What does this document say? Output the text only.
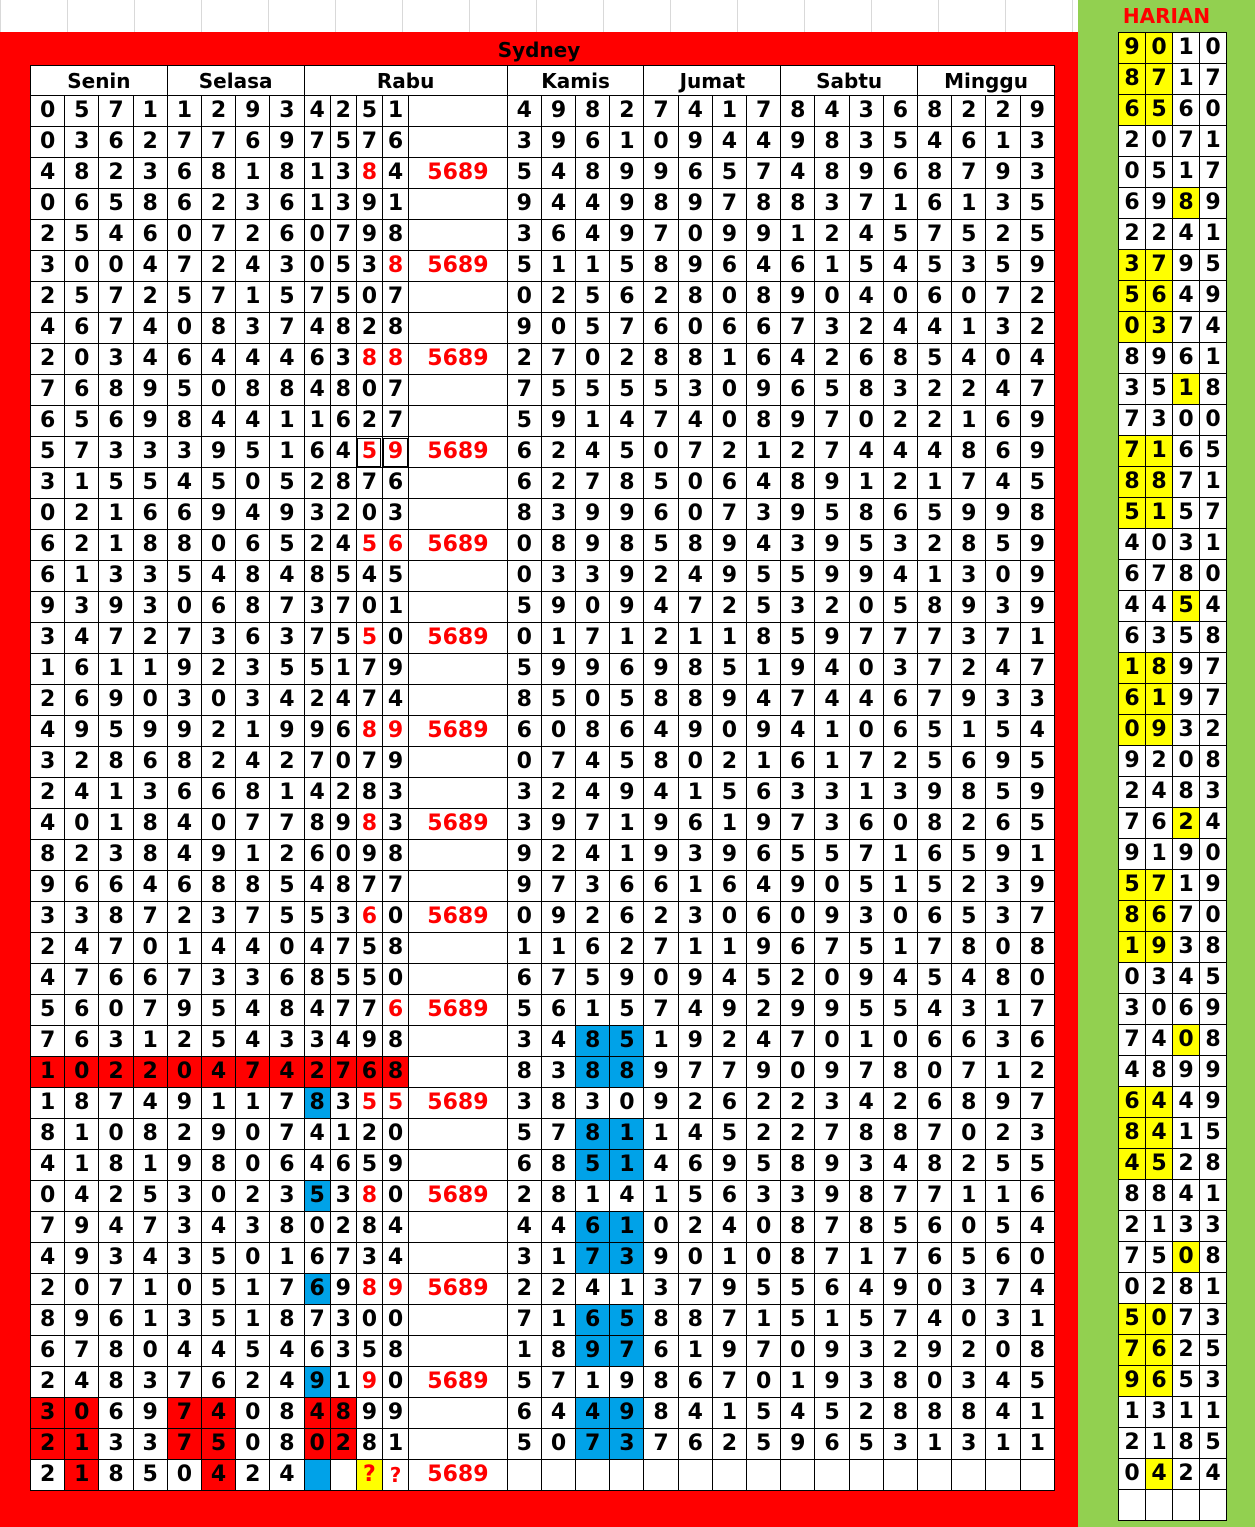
Sydney
Senin				Selasa				Rabu					Kamis				Jumat				Sabtu				Minggu			
0	5	7	1	1	2	9	3	4	2	5	1		4	9	8	2	7	4	1	7	8	4	3	6	8	2	2	9
0	3	6	2	7	7	6	9	7	5	7	6		3	9	6	1	0	9	4	4	9	8	3	5	4	6	1	3
4	8	2	3	6	8	1	8	1	3	8	4	5689	5	4	8	9	9	6	5	7	4	8	9	6	8	7	9	3
0	6	5	8	6	2	3	6	1	3	9	1		9	4	4	9	8	9	7	8	8	3	7	1	6	1	3	5
2	5	4	6	0	7	2	6	0	7	9	8		3	6	4	9	7	0	9	9	1	2	4	5	7	5	2	5
3	0	0	4	7	2	4	3	0	5	3	8	5689	5	1	1	5	8	9	6	4	6	1	5	4	5	3	5	9
2	5	7	2	5	7	1	5	7	5	0	7		0	2	5	6	2	8	0	8	9	0	4	0	6	0	7	2
4	6	7	4	0	8	3	7	4	8	2	8		9	0	5	7	6	0	6	6	7	3	2	4	4	1	3	2
2	0	3	4	6	4	4	4	6	3	8	8	5689	2	7	0	2	8	8	1	6	4	2	6	8	5	4	0	4
7	6	8	9	5	0	8	8	4	8	0	7		7	5	5	5	5	3	0	9	6	5	8	3	2	2	4	7
6	5	6	9	8	4	4	1	1	6	2	7		5	9	1	4	7	4	0	8	9	7	0	2	2	1	6	9
5	7	3	3	3	9	5	1	6	4	5	9	5689	6	2	4	5	0	7	2	1	2	7	4	4	4	8	6	9
3	1	5	5	4	5	0	5	2	8	7	6		6	2	7	8	5	0	6	4	8	9	1	2	1	7	4	5
0	2	1	6	6	9	4	9	3	2	0	3		8	3	9	9	6	0	7	3	9	5	8	6	5	9	9	8
6	2	1	8	8	0	6	5	2	4	5	6	5689	0	8	9	8	5	8	9	4	3	9	5	3	2	8	5	9
6	1	3	3	5	4	8	4	8	5	4	5		0	3	3	9	2	4	9	5	5	9	9	4	1	3	0	9
9	3	9	3	0	6	8	7	3	7	0	1		5	9	0	9	4	7	2	5	3	2	0	5	8	9	3	9
3	4	7	2	7	3	6	3	7	5	5	0	5689	0	1	7	1	2	1	1	8	5	9	7	7	7	3	7	1
1	6	1	1	9	2	3	5	5	1	7	9		5	9	9	6	9	8	5	1	9	4	0	3	7	2	4	7
2	6	9	0	3	0	3	4	2	4	7	4		8	5	0	5	8	8	9	4	7	4	4	6	7	9	3	3
4	9	5	9	9	2	1	9	9	6	8	9	5689	6	0	8	6	4	9	0	9	4	1	0	6	5	1	5	4
3	2	8	6	8	2	4	2	7	0	7	9		0	7	4	5	8	0	2	1	6	1	7	2	5	6	9	5
2	4	1	3	6	6	8	1	4	2	8	3		3	2	4	9	4	1	5	6	3	3	1	3	9	8	5	9
4	0	1	8	4	0	7	7	8	9	8	3	5689	3	9	7	1	9	6	1	9	7	3	6	0	8	2	6	5
8	2	3	8	4	9	1	2	6	0	9	8		9	2	4	1	9	3	9	6	5	5	7	1	6	5	9	1
9	6	6	4	6	8	8	5	4	8	7	7		9	7	3	6	6	1	6	4	9	0	5	1	5	2	3	9
3	3	8	7	2	3	7	5	5	3	6	0	5689	0	9	2	6	2	3	0	6	0	9	3	0	6	5	3	7
2	4	7	0	1	4	4	0	4	7	5	8		1	1	6	2	7	1	1	9	6	7	5	1	7	8	0	8
4	7	6	6	7	3	3	6	8	5	5	0		6	7	5	9	0	9	4	5	2	0	9	4	5	4	8	0
5	6	0	7	9	5	4	8	4	7	7	6	5689	5	6	1	5	7	4	9	2	9	9	5	5	4	3	1	7
7	6	3	1	2	5	4	3	3	4	9	8		3	4	8	5	1	9	2	4	7	0	1	0	6	6	3	6
1	0	2	2	0	4	7	4	2	7	6	8		8	3	8	8	9	7	7	9	0	9	7	8	0	7	1	2
1	8	7	4	9	1	1	7	8	3	5	5	5689	3	8	3	0	9	2	6	2	2	3	4	2	6	8	9	7
8	1	0	8	2	9	0	7	4	1	2	0		5	7	8	1	1	4	5	2	2	7	8	8	7	0	2	3
4	1	8	1	9	8	0	6	4	6	5	9		6	8	5	1	4	6	9	5	8	9	3	4	8	2	5	5
0	4	2	5	3	0	2	3	5	3	8	0	5689	2	8	1	4	1	5	6	3	3	9	8	7	7	1	1	6
7	9	4	7	3	4	3	8	0	2	8	4		4	4	6	1	0	2	4	0	8	7	8	5	6	0	5	4
4	9	3	4	3	5	0	1	6	7	3	4		3	1	7	3	9	0	1	0	8	7	1	7	6	5	6	0
2	0	7	1	0	5	1	7	6	9	8	9	5689	2	2	4	1	3	7	9	5	5	6	4	9	0	3	7	4
8	9	6	1	3	5	1	8	7	3	0	0		7	1	6	5	8	8	7	1	5	1	5	7	4	0	3	1
6	7	8	0	4	4	5	4	6	3	5	8		1	8	9	7	6	1	9	7	0	9	3	2	9	2	0	8
2	4	8	3	7	6	2	4	9	1	9	0	5689	5	7	1	9	8	6	7	0	1	9	3	8	0	3	4	5
3	0	6	9	7	4	0	8	4	8	9	9		6	4	4	9	8	4	1	5	4	5	2	8	8	8	4	1
2	1	3	3	7	5	0	8	0	2	8	1		5	0	7	3	7	6	2	5	9	6	5	3	1	3	1	1
2	1	8	5	0	4	2	4			?	?	5689																
HARIAN
9	0	1	0
8	7	1	7
6	5	6	0
2	0	7	1
0	5	1	7
6	9	8	9
2	2	4	1
3	7	9	5
5	6	4	9
0	3	7	4
8	9	6	1
3	5	1	8
7	3	0	0
7	1	6	5
8	8	7	1
5	1	5	7
4	0	3	1
6	7	8	0
4	4	5	4
6	3	5	8
1	8	9	7
6	1	9	7
0	9	3	2
9	2	0	8
2	4	8	3
7	6	2	4
9	1	9	0
5	7	1	9
8	6	7	0
1	9	3	8
0	3	4	5
3	0	6	9
7	4	0	8
4	8	9	9
6	4	4	9
8	4	1	5
4	5	2	8
8	8	4	1
2	1	3	3
7	5	0	8
0	2	8	1
5	0	7	3
7	6	2	5
9	6	5	3
1	3	1	1
2	1	8	5
0	4	2	4
